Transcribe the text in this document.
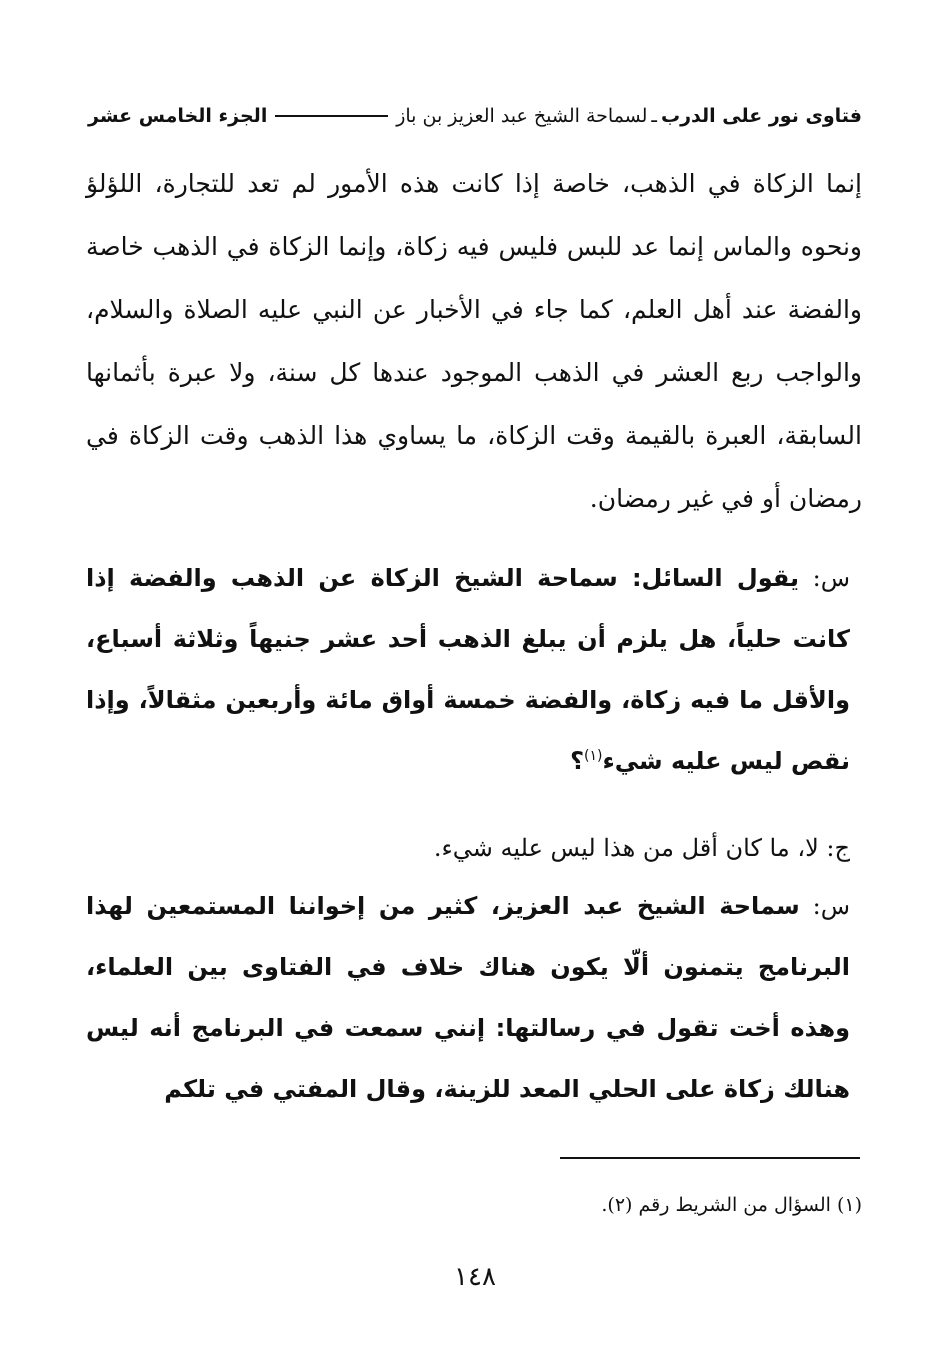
فتاوى نور على الدرب
ـ
لسماحة الشيخ عبد العزيز بن باز
الجزء الخامس عشر
إنما الزكاة في الذهب، خاصة إذا كانت هذه الأمور لم تعد للتجارة، اللؤلؤ ونحوه والماس إنما عد للبس فليس فيه زكاة، وإنما الزكاة في الذهب خاصة والفضة عند أهل العلم، كما جاء في الأخبار عن النبي عليه الصلاة والسلام، والواجب ربع العشر في الذهب الموجود عندها كل سنة، ولا عبرة بأثمانها السابقة، العبرة بالقيمة وقت الزكاة، ما يساوي هذا الذهب وقت الزكاة في رمضان أو في غير رمضان.
س: يقول السائل: سماحة الشيخ الزكاة عن الذهب والفضة إذا كانت حلياً، هل يلزم أن يبلغ الذهب أحد عشر جنيهاً وثلاثة أسباع، والأقل ما فيه زكاة، والفضة خمسة أواق مائة وأربعين مثقالاً، وإذا نقص ليس عليه شيء$^{(١)}$؟
ج: لا، ما كان أقل من هذا ليس عليه شيء.
س: سماحة الشيخ عبد العزيز، كثير من إخواننا المستمعين لهذا البرنامج يتمنون ألّا يكون هناك خلاف في الفتاوى بين العلماء، وهذه أخت تقول في رسالتها: إنني سمعت في البرنامج أنه ليس هنالك زكاة على الحلي المعد للزينة، وقال المفتي في تلكم
(١) السؤال من الشريط رقم (٢).
١٤٨
